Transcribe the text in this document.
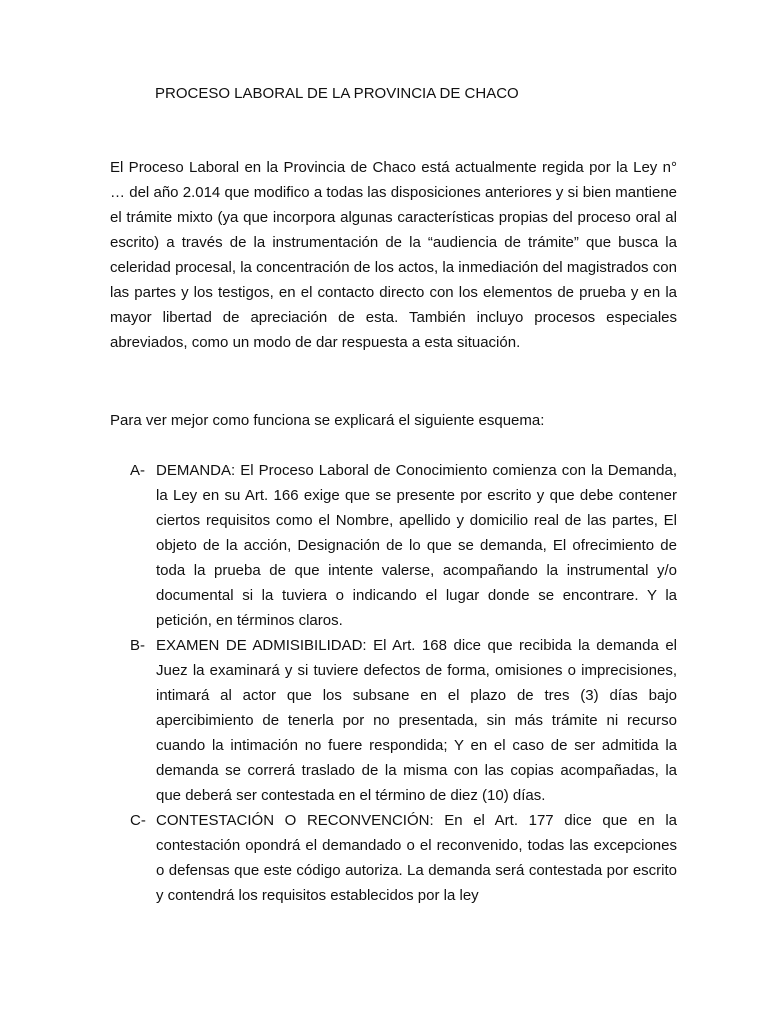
PROCESO LABORAL DE LA PROVINCIA DE CHACO

El Proceso Laboral en la Provincia de Chaco está actualmente regida por la Ley n° … del año 2.014 que modifico a todas las disposiciones anteriores y si bien mantiene el trámite mixto (ya que incorpora algunas características propias del proceso oral al escrito) a través de la instrumentación de la “audiencia de trámite” que busca la celeridad procesal, la concentración de los actos, la inmediación del magistrados con las partes y los testigos, en el contacto directo con los elementos de prueba y en la mayor libertad de apreciación de esta. También incluyo procesos especiales abreviados, como un modo de dar respuesta a esta situación.

Para ver mejor como funciona se explicará el siguiente esquema:

A- DEMANDA: El Proceso Laboral de Conocimiento comienza con la Demanda, la Ley en su Art. 166 exige que se presente por escrito y que debe contener ciertos requisitos como el Nombre, apellido y domicilio real de las partes, El objeto de la acción, Designación de lo que se demanda, El ofrecimiento de toda la prueba de que intente valerse, acompañando la instrumental y/o documental si la tuviera o indicando el lugar donde se encontrare. Y la petición, en términos claros.
B- EXAMEN DE ADMISIBILIDAD: El Art. 168 dice que recibida la demanda el Juez la examinará y si tuviere defectos de forma, omisiones o imprecisiones, intimará al actor que los subsane en el plazo de tres (3) días bajo apercibimiento de tenerla por no presentada, sin más trámite ni recurso cuando la intimación no fuere respondida; Y en el caso de ser admitida la demanda se correrá traslado de la misma con las copias acompañadas, la que deberá ser contestada en el término de diez (10) días.
C- CONTESTACIÓN O RECONVENCIÓN: En el Art. 177 dice que en la contestación opondrá el demandado o el reconvenido, todas las excepciones o defensas que este código autoriza. La demanda será contestada por escrito y contendrá los requisitos establecidos por la ley
